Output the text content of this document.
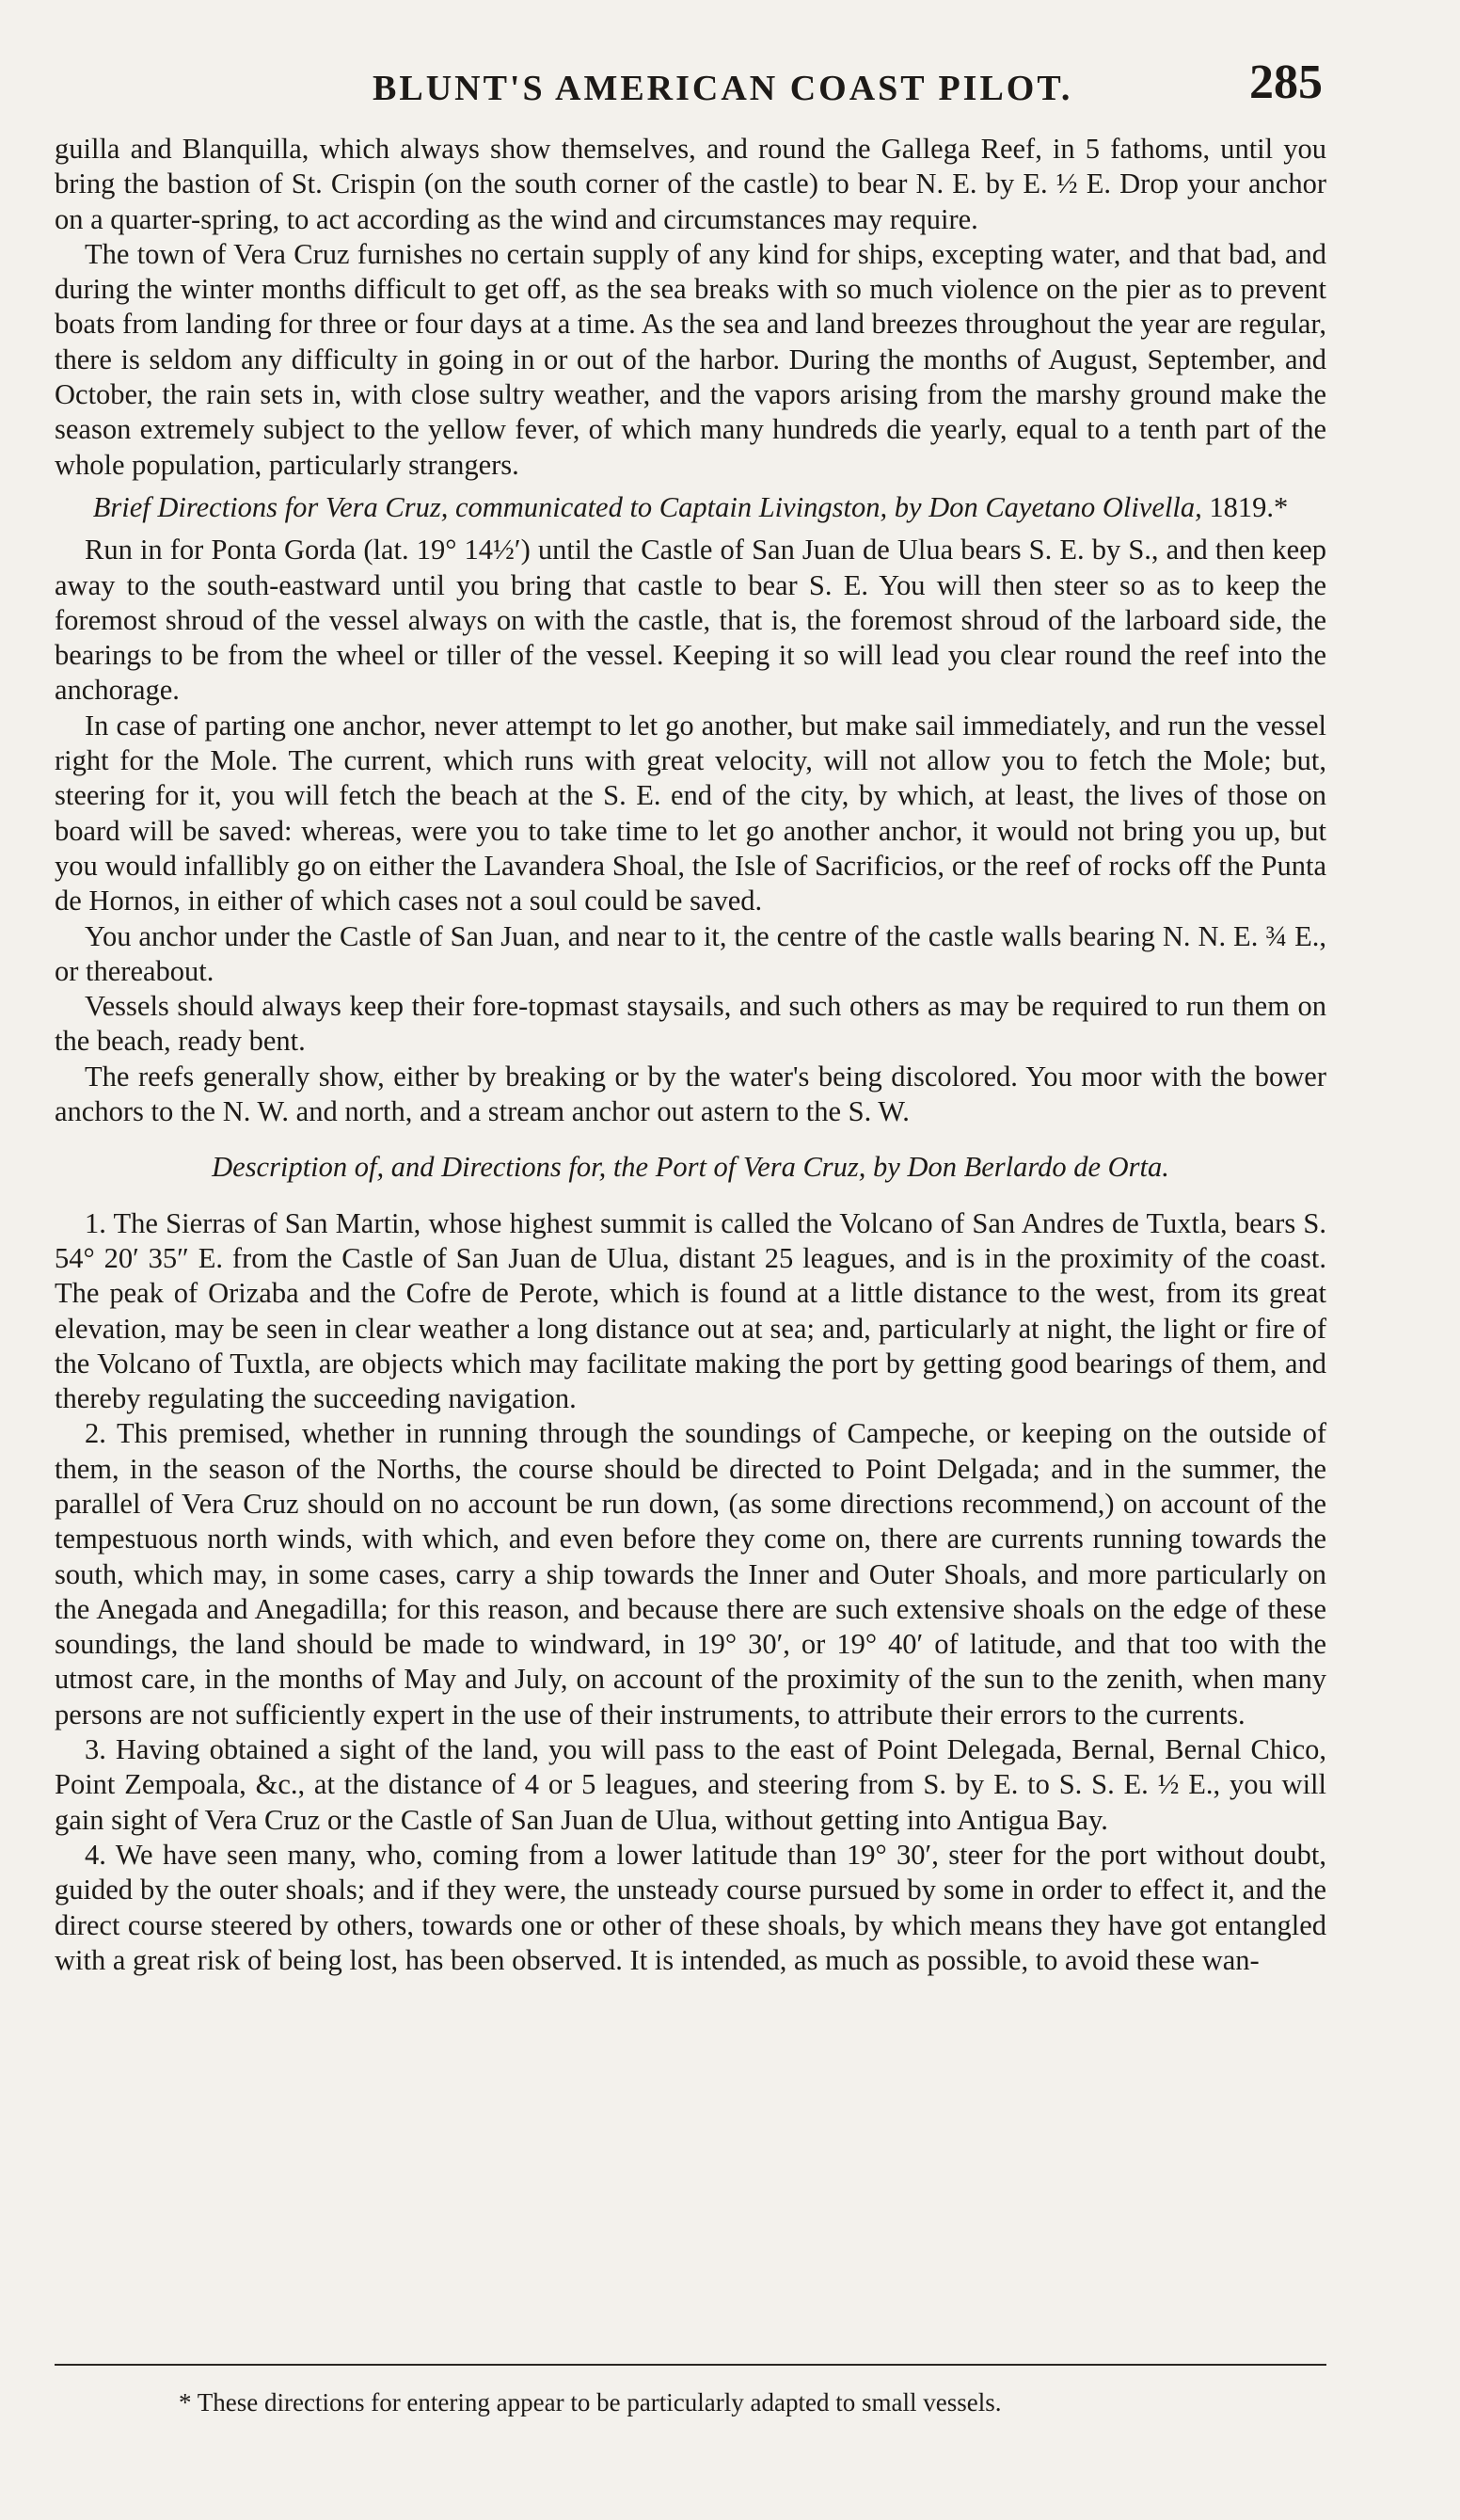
BLUNT'S AMERICAN COAST PILOT.	285

guilla and Blanquilla, which always show themselves, and round the Gallega Reef, in 5 fathoms, until you bring the bastion of St. Crispin (on the south corner of the castle) to bear N. E. by E. ½ E. Drop your anchor on a quarter-spring, to act according as the wind and circumstances may require.

The town of Vera Cruz furnishes no certain supply of any kind for ships, excepting water, and that bad, and during the winter months difficult to get off, as the sea breaks with so much violence on the pier as to prevent boats from landing for three or four days at a time. As the sea and land breezes throughout the year are regular, there is seldom any difficulty in going in or out of the harbor. During the months of August, September, and October, the rain sets in, with close sultry weather, and the vapors arising from the marshy ground make the season extremely subject to the yellow fever, of which many hundreds die yearly, equal to a tenth part of the whole population, particularly strangers.

Brief Directions for Vera Cruz, communicated to Captain Livingston, by Don Cayetano Olivella, 1819.*

Run in for Ponta Gorda (lat. 19° 14½′) until the Castle of San Juan de Ulua bears S. E. by S., and then keep away to the south-eastward until you bring that castle to bear S. E. You will then steer so as to keep the foremost shroud of the vessel always on with the castle, that is, the foremost shroud of the larboard side, the bearings to be from the wheel or tiller of the vessel. Keeping it so will lead you clear round the reef into the anchorage.

In case of parting one anchor, never attempt to let go another, but make sail immediately, and run the vessel right for the Mole. The current, which runs with great velocity, will not allow you to fetch the Mole; but, steering for it, you will fetch the beach at the S. E. end of the city, by which, at least, the lives of those on board will be saved: whereas, were you to take time to let go another anchor, it would not bring you up, but you would infallibly go on either the Lavandera Shoal, the Isle of Sacrificios, or the reef of rocks off the Punta de Hornos, in either of which cases not a soul could be saved.

You anchor under the Castle of San Juan, and near to it, the centre of the castle walls bearing N. N. E. ¾ E., or thereabout.

Vessels should always keep their fore-topmast staysails, and such others as may be required to run them on the beach, ready bent.

The reefs generally show, either by breaking or by the water's being discolored. You moor with the bower anchors to the N. W. and north, and a stream anchor out astern to the S. W.

Description of, and Directions for, the Port of Vera Cruz, by Don Berlardo de Orta.

1. The Sierras of San Martin, whose highest summit is called the Volcano of San Andres de Tuxtla, bears S. 54° 20′ 35″ E. from the Castle of San Juan de Ulua, distant 25 leagues, and is in the proximity of the coast. The peak of Orizaba and the Cofre de Perote, which is found at a little distance to the west, from its great elevation, may be seen in clear weather a long distance out at sea; and, particularly at night, the light or fire of the Volcano of Tuxtla, are objects which may facilitate making the port by getting good bearings of them, and thereby regulating the succeeding navigation.

2. This premised, whether in running through the soundings of Campeche, or keeping on the outside of them, in the season of the Norths, the course should be directed to Point Delgada; and in the summer, the parallel of Vera Cruz should on no account be run down, (as some directions recommend,) on account of the tempestuous north winds, with which, and even before they come on, there are currents running towards the south, which may, in some cases, carry a ship towards the Inner and Outer Shoals, and more particularly on the Anegada and Anegadilla; for this reason, and because there are such extensive shoals on the edge of these soundings, the land should be made to windward, in 19° 30′, or 19° 40′ of latitude, and that too with the utmost care, in the months of May and July, on account of the proximity of the sun to the zenith, when many persons are not sufficiently expert in the use of their instruments, to attribute their errors to the currents.

3. Having obtained a sight of the land, you will pass to the east of Point Delegada, Bernal, Bernal Chico, Point Zempoala, &c., at the distance of 4 or 5 leagues, and steering from S. by E. to S. S. E. ½ E., you will gain sight of Vera Cruz or the Castle of San Juan de Ulua, without getting into Antigua Bay.

4. We have seen many, who, coming from a lower latitude than 19° 30′, steer for the port without doubt, guided by the outer shoals; and if they were, the unsteady course pursued by some in order to effect it, and the direct course steered by others, towards one or other of these shoals, by which means they have got entangled with a great risk of being lost, has been observed. It is intended, as much as possible, to avoid these wan-

* These directions for entering appear to be particularly adapted to small vessels.
